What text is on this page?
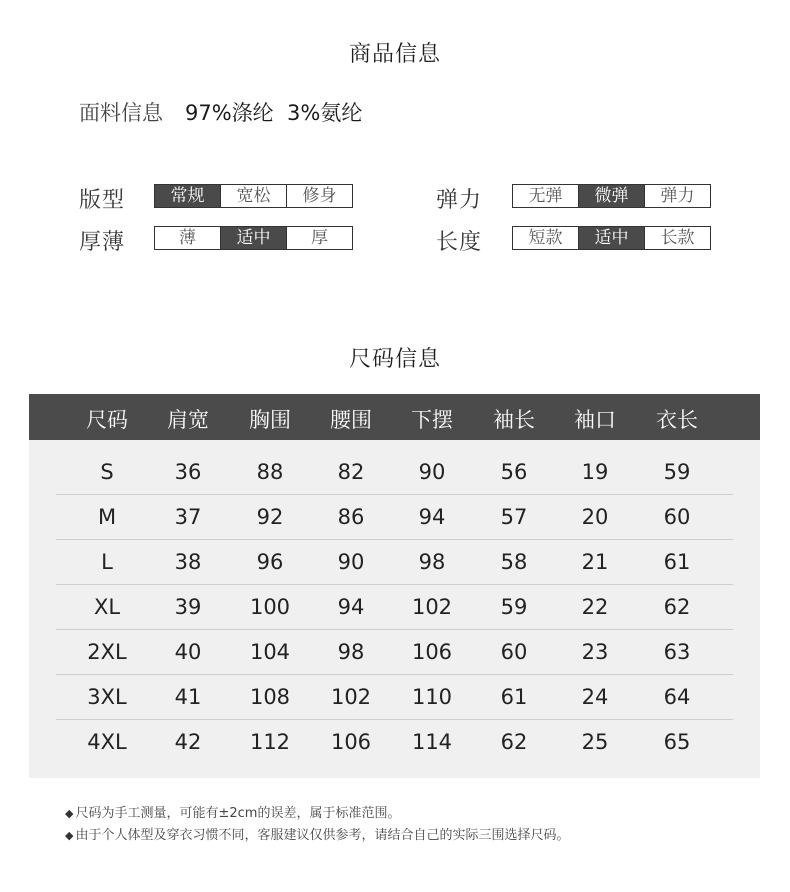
商品信息
面料信息 97%涤纶  3%氨纶
版型	常规	宽松	修身	弹力	无弹	微弹	弹力
厚薄	薄	适中	厚	长度	短款	适中	长款
尺码信息
尺码	肩宽	胸围	腰围	下摆	袖长	袖口	衣长
S	36	88	82	90	56	19	59
M	37	92	86	94	57	20	60
L	38	96	90	98	58	21	61
XL	39	100	94	102	59	22	62
2XL	40	104	98	106	60	23	63
3XL	41	108	102	110	61	24	64
4XL	42	112	106	114	62	25	65
◆ 尺码为手工测量，可能有±2cm的误差，属于标准范围。
◆ 由于个人体型及穿衣习惯不同，客服建议仅供参考，请结合自己的实际三围选择尺码。
